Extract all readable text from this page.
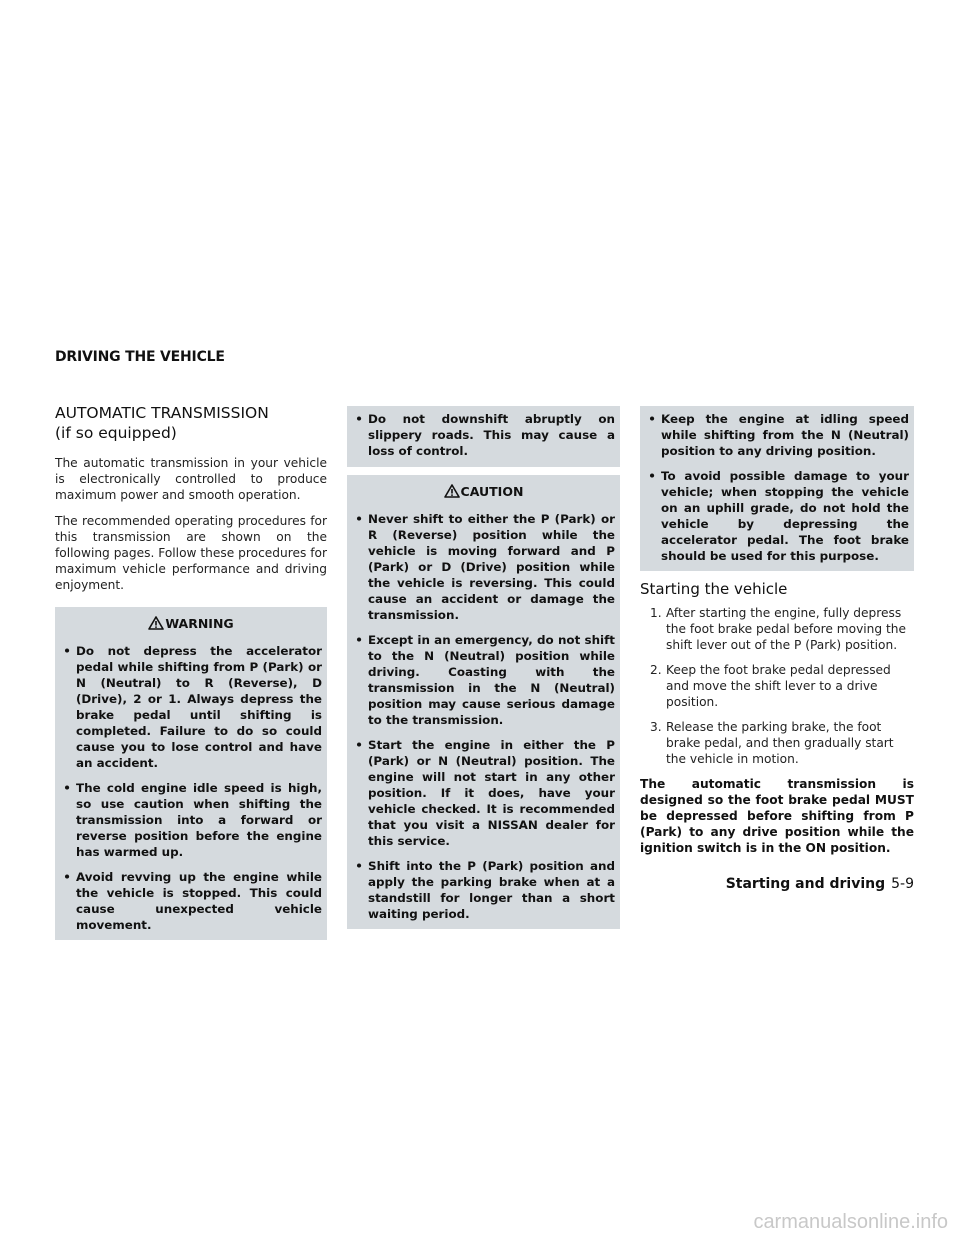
DRIVING THE VEHICLE
AUTOMATIC TRANSMISSION
(if so equipped)

The automatic transmission in your vehicle is electronically controlled to produce maximum power and smooth operation.

The recommended operating procedures for this transmission are shown on the following pages. Follow these procedures for maximum vehicle performance and driving enjoyment.

WARNING
• Do not depress the accelerator pedal while shifting from P (Park) or N (Neutral) to R (Reverse), D (Drive), 2 or 1. Always depress the brake pedal until shifting is completed. Failure to do so could cause you to lose control and have an accident.
• The cold engine idle speed is high, so use caution when shifting the transmission into a forward or reverse position before the engine has warmed up.
• Avoid revving up the engine while the vehicle is stopped. This could cause unexpected vehicle movement.
• Do not downshift abruptly on slippery roads. This may cause a loss of control.
CAUTION
• Never shift to either the P (Park) or R (Reverse) position while the vehicle is moving forward and P (Park) or D (Drive) position while the vehicle is reversing. This could cause an accident or damage the transmission.
• Except in an emergency, do not shift to the N (Neutral) position while driving. Coasting with the transmission in the N (Neutral) position may cause serious damage to the transmission.
• Start the engine in either the P (Park) or N (Neutral) position. The engine will not start in any other position. If it does, have your vehicle checked. It is recommended that you visit a NISSAN dealer for this service.
• Shift into the P (Park) position and apply the parking brake when at a standstill for longer than a short waiting period.
• Keep the engine at idling speed while shifting from the N (Neutral) position to any driving position.
• To avoid possible damage to your vehicle; when stopping the vehicle on an uphill grade, do not hold the vehicle by depressing the accelerator pedal. The foot brake should be used for this purpose.
Starting the vehicle
1. After starting the engine, fully depress the foot brake pedal before moving the shift lever out of the P (Park) position.
2. Keep the foot brake pedal depressed and move the shift lever to a drive position.
3. Release the parking brake, the foot brake pedal, and then gradually start the vehicle in motion.

The automatic transmission is designed so the foot brake pedal MUST be depressed before shifting from P (Park) to any drive position while the ignition switch is in the ON position.

Starting and driving 5-9
carmanualsonline.info
